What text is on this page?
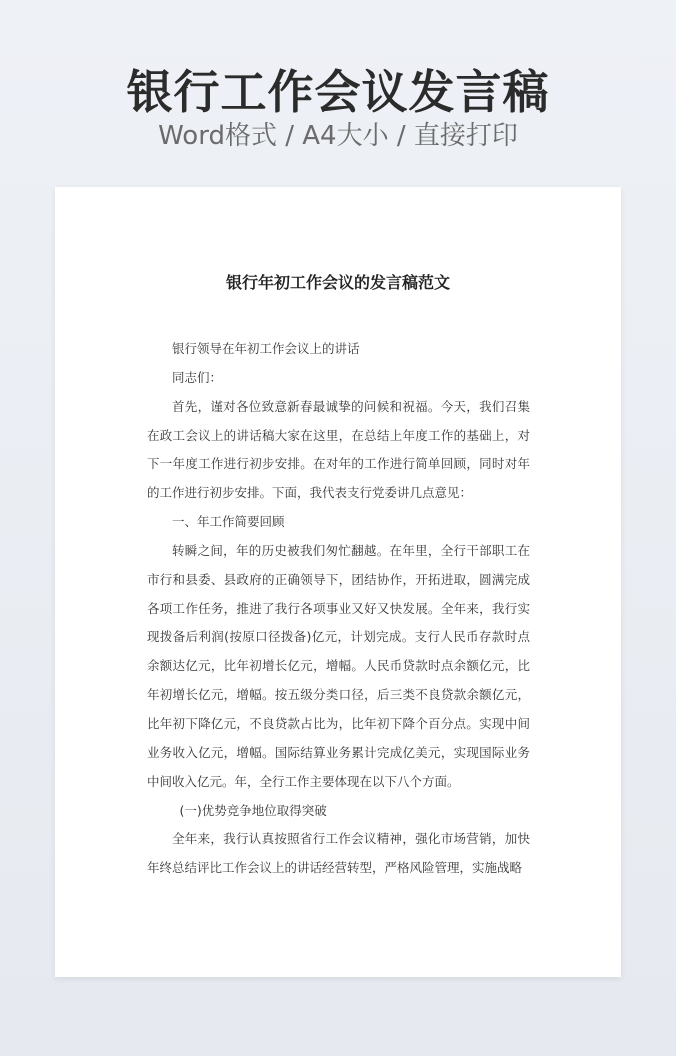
银行工作会议发言稿
Word格式 / A4大小 / 直接打印
银行年初工作会议的发言稿范文

银行领导在年初工作会议上的讲话

同志们：

首先，谨对各位致意新春最诚挚的问候和祝福。今天，我们召集在政工会议上的讲话稿大家在这里，在总结上年度工作的基础上，对下一年度工作进行初步安排。在对年的工作进行简单回顾，同时对年的工作进行初步安排。下面，我代表支行党委讲几点意见：

一、年工作简要回顾

转瞬之间，年的历史被我们匆忙翻越。在年里，全行干部职工在市行和县委、县政府的正确领导下，团结协作，开拓进取，圆满完成各项工作任务，推进了我行各项事业又好又快发展。全年来，我行实现拨备后利润(按原口径拨备)亿元，计划完成。支行人民币存款时点余额达亿元，比年初增长亿元，增幅。人民币贷款时点余额亿元，比年初增长亿元，增幅。按五级分类口径，后三类不良贷款余额亿元，比年初下降亿元，不良贷款占比为，比年初下降个百分点。实现中间业务收入亿元，增幅。国际结算业务累计完成亿美元，实现国际业务中间收入亿元。年，全行工作主要体现在以下八个方面。

(一)优势竞争地位取得突破

全年来，我行认真按照省行工作会议精神，强化市场营销，加快年终总结评比工作会议上的讲话经营转型，严格风险管理，实施战略
